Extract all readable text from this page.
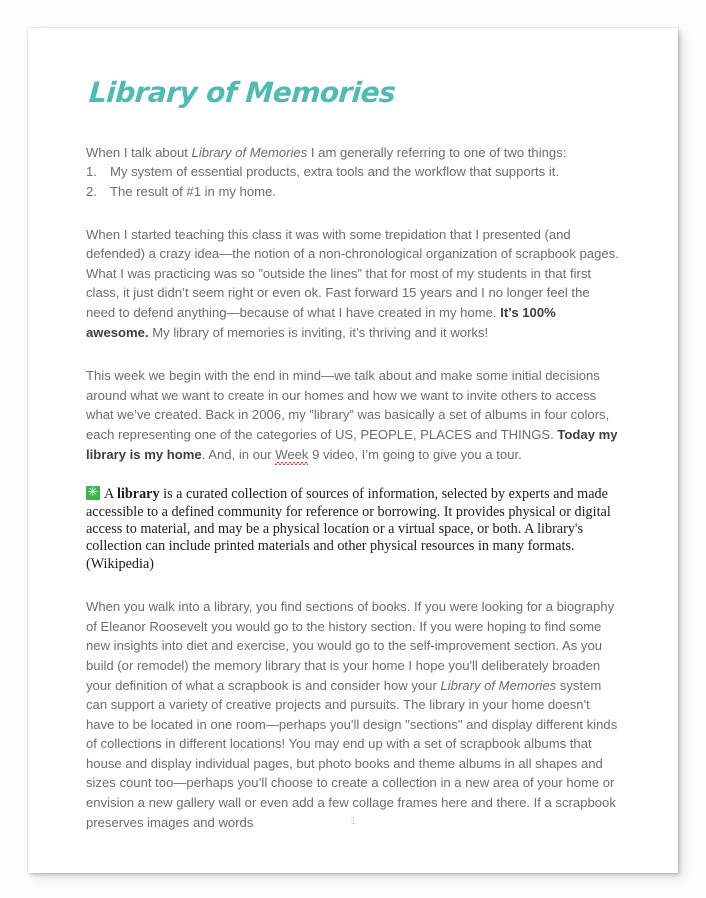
Library of Memories

When I talk about Library of Memories I am generally referring to one of two things:

1. My system of essential products, extra tools and the workflow that supports it.
2. The result of #1 in my home.

When I started teaching this class it was with some trepidation that I presented (and defended) a crazy idea—the notion of a non-chronological organization of scrapbook pages. What I was practicing was so ”outside the lines” that for most of my students in that first class, it just didn’t seem right or even ok. Fast forward 15 years and I no longer feel the need to defend anything—because of what I have created in my home. It’s 100% awesome. My library of memories is inviting, it’s thriving and it works!

This week we begin with the end in mind—we talk about and make some initial decisions around what we want to create in our homes and how we want to invite others to access what we’ve created. Back in 2006, my ”library” was basically a set of albums in four colors, each representing one of the categories of US, PEOPLE, PLACES and THINGS. Today my library is my home. And, in our Week 9 video, I’m going to give you a tour.

✳ A library is a curated collection of sources of information, selected by experts and made accessible to a defined community for reference or borrowing. It provides physical or digital access to material, and may be a physical location or a virtual space, or both. A library's collection can include printed materials and other physical resources in many formats. (Wikipedia)

When you walk into a library, you find sections of books. If you were looking for a biography of Eleanor Roosevelt you would go to the history section. If you were hoping to find some new insights into diet and exercise, you would go to the self-improvement section. As you build (or remodel) the memory library that is your home I hope you'll deliberately broaden your definition of what a scrapbook is and consider how your Library of Memories system can support a variety of creative projects and pursuits. The library in your home doesn't have to be located in one room—perhaps you'll design "sections" and display different kinds of collections in different locations! You may end up with a set of scrapbook albums that house and display individual pages, but photo books and theme albums in all shapes and sizes count too—perhaps you’ll choose to create a collection in a new area of your home or envision a new gallery wall or even add a few collage frames here and there. If a scrapbook preserves images and words	1
